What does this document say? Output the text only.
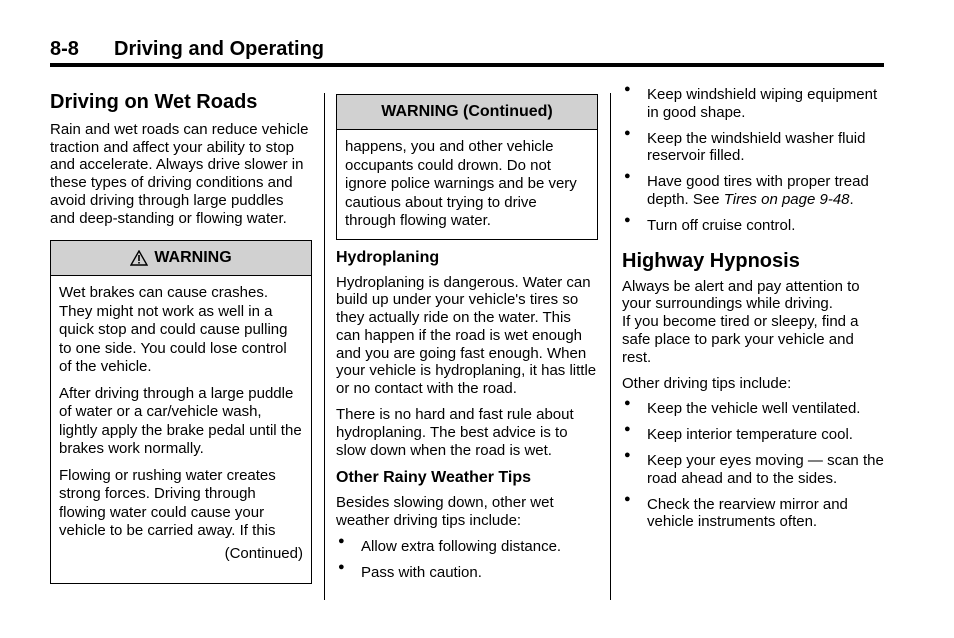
8-8 Driving and Operating
Driving on Wet Roads

Rain and wet roads can reduce vehicle traction and affect your ability to stop and accelerate. Always drive slower in these types of driving conditions and avoid driving through large puddles and deep-standing or flowing water.

WARNING

Wet brakes can cause crashes. They might not work as well in a quick stop and could cause pulling to one side. You could lose control of the vehicle.

After driving through a large puddle of water or a car/vehicle wash, lightly apply the brake pedal until the brakes work normally.

Flowing or rushing water creates strong forces. Driving through flowing water could cause your vehicle to be carried away. If this

(Continued)
WARNING (Continued)

happens, you and other vehicle occupants could drown. Do not ignore police warnings and be very cautious about trying to drive through flowing water.

Hydroplaning

Hydroplaning is dangerous. Water can build up under your vehicle's tires so they actually ride on the water. This can happen if the road is wet enough and you are going fast enough. When your vehicle is hydroplaning, it has little or no contact with the road.

There is no hard and fast rule about hydroplaning. The best advice is to slow down when the road is wet.

Other Rainy Weather Tips

Besides slowing down, other wet weather driving tips include:

● Allow extra following distance.
● Pass with caution.
● Keep windshield wiping equipment in good shape.
● Keep the windshield washer fluid reservoir filled.
● Have good tires with proper tread depth. See Tires on page 9-48.
● Turn off cruise control.
Highway Hypnosis

Always be alert and pay attention to your surroundings while driving.

If you become tired or sleepy, find a safe place to park your vehicle and rest.

Other driving tips include:

● Keep the vehicle well ventilated.
● Keep interior temperature cool.
● Keep your eyes moving — scan the road ahead and to the sides.
● Check the rearview mirror and vehicle instruments often.
